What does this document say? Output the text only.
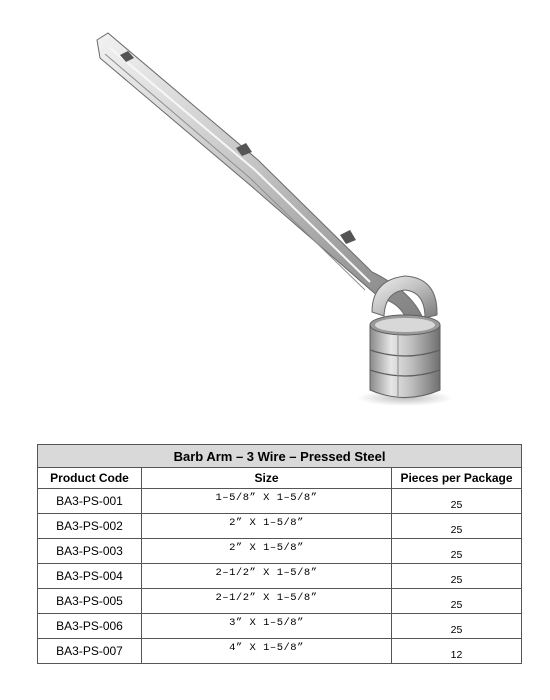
Barb Arm – 3 Wire – Pressed Steel		
Product Code	Size	Pieces per Package
BA3-PS-001	1–5/8” X 1–5/8”	25
BA3-PS-002	2” X 1–5/8”	25
BA3-PS-003	2” X 1–5/8”	25
BA3-PS-004	2–1/2” X 1–5/8”	25
BA3-PS-005	2–1/2” X 1–5/8”	25
BA3-PS-006	3” X 1–5/8”	25
BA3-PS-007	4” X 1–5/8”	12
